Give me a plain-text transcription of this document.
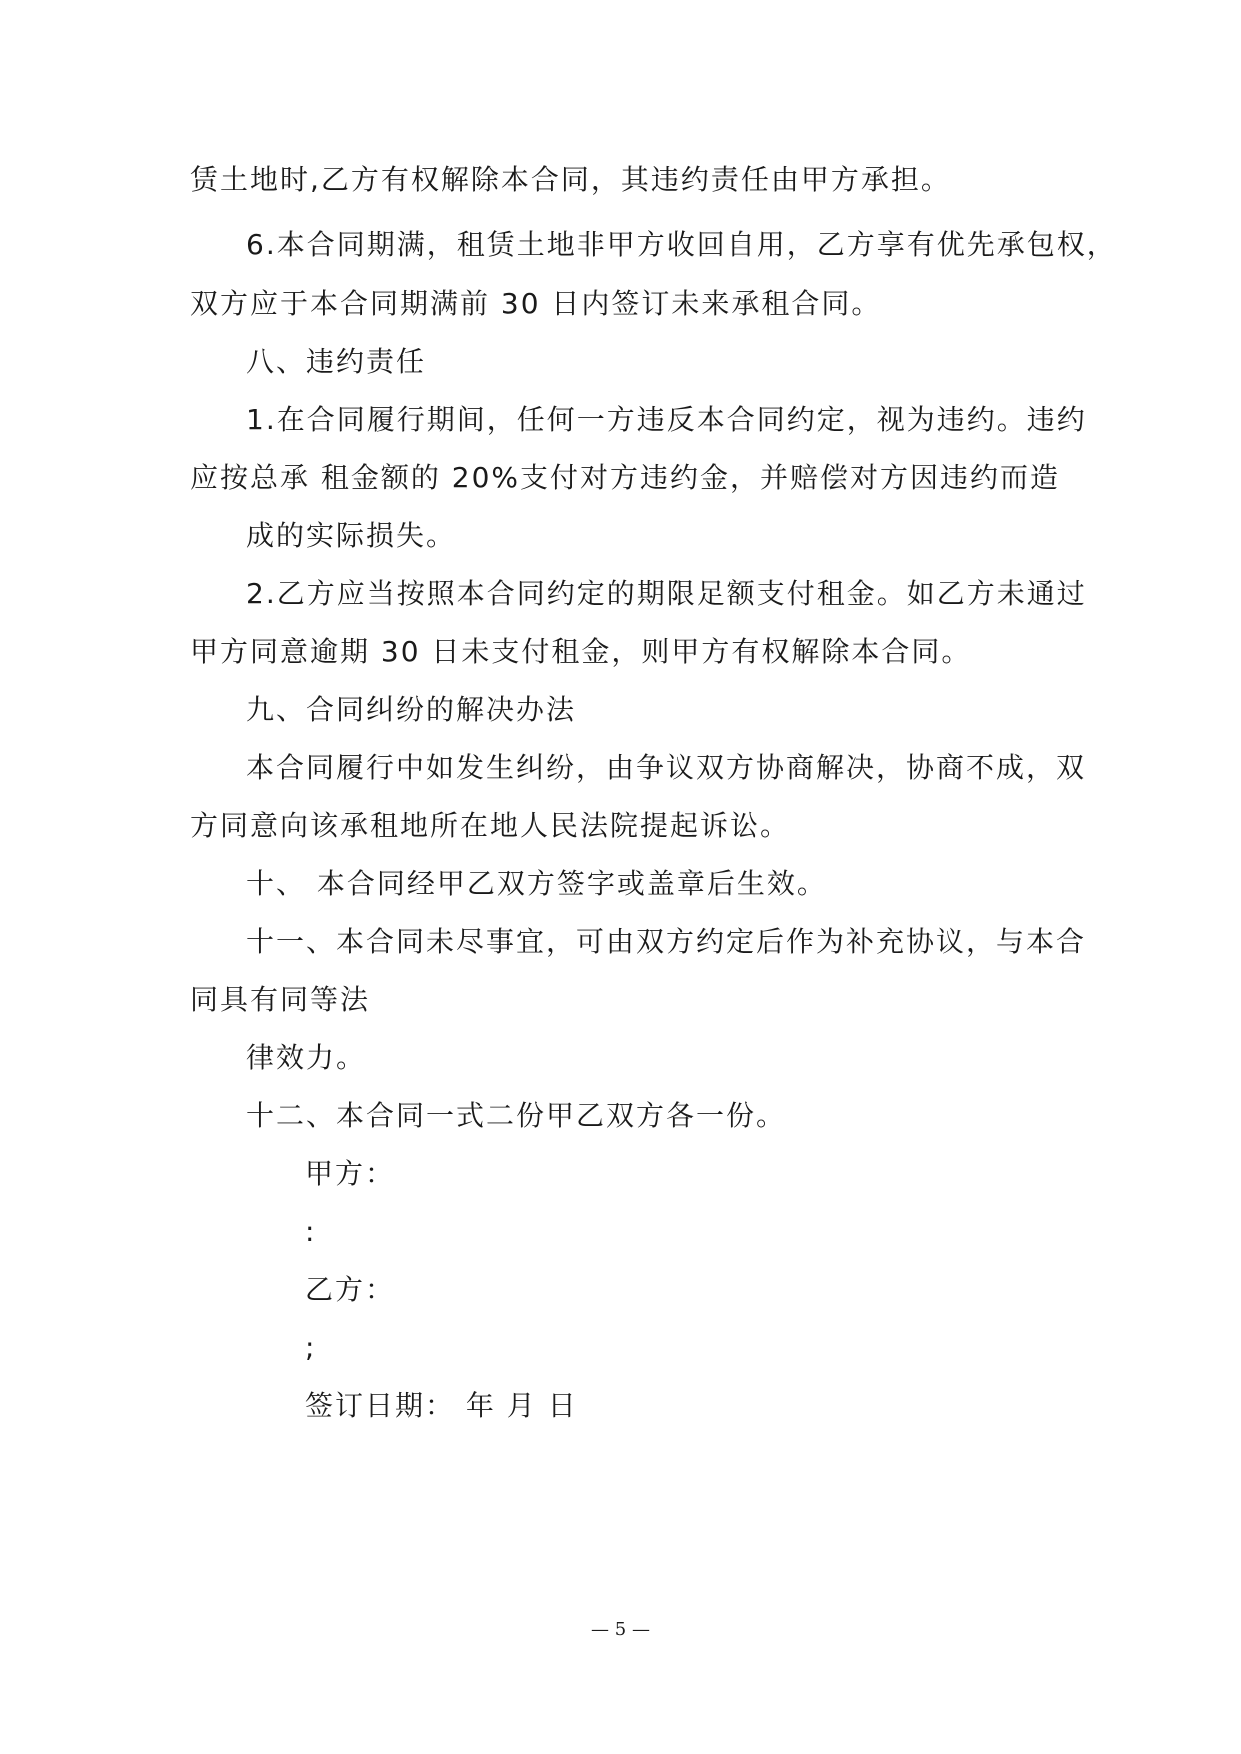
赁土地时,乙方有权解除本合同，其违约责任由甲方承担。
6.本合同期满，租赁土地非甲方收回自用，乙方享有优先承包权，
双方应于本合同期满前 30 日内签订未来承租合同。
八、违约责任
1.在合同履行期间，任何一方违反本合同约定，视为违约。违约
应按总承 租金额的 20%支付对方违约金，并赔偿对方因违约而造
成的实际损失。
2.乙方应当按照本合同约定的期限足额支付租金。如乙方未通过
甲方同意逾期 30 日未支付租金，则甲方有权解除本合同。
九、合同纠纷的解决办法
本合同履行中如发生纠纷，由争议双方协商解决，协商不成，双
方同意向该承租地所在地人民法院提起诉讼。
十、 本合同经甲乙双方签字或盖章后生效。
十一、本合同未尽事宜，可由双方约定后作为补充协议，与本合
同具有同等法
律效力。
十二、本合同一式二份甲乙双方各一份。
甲方：
:
乙方：
;
签订日期： 年 月 日
— 5 —
